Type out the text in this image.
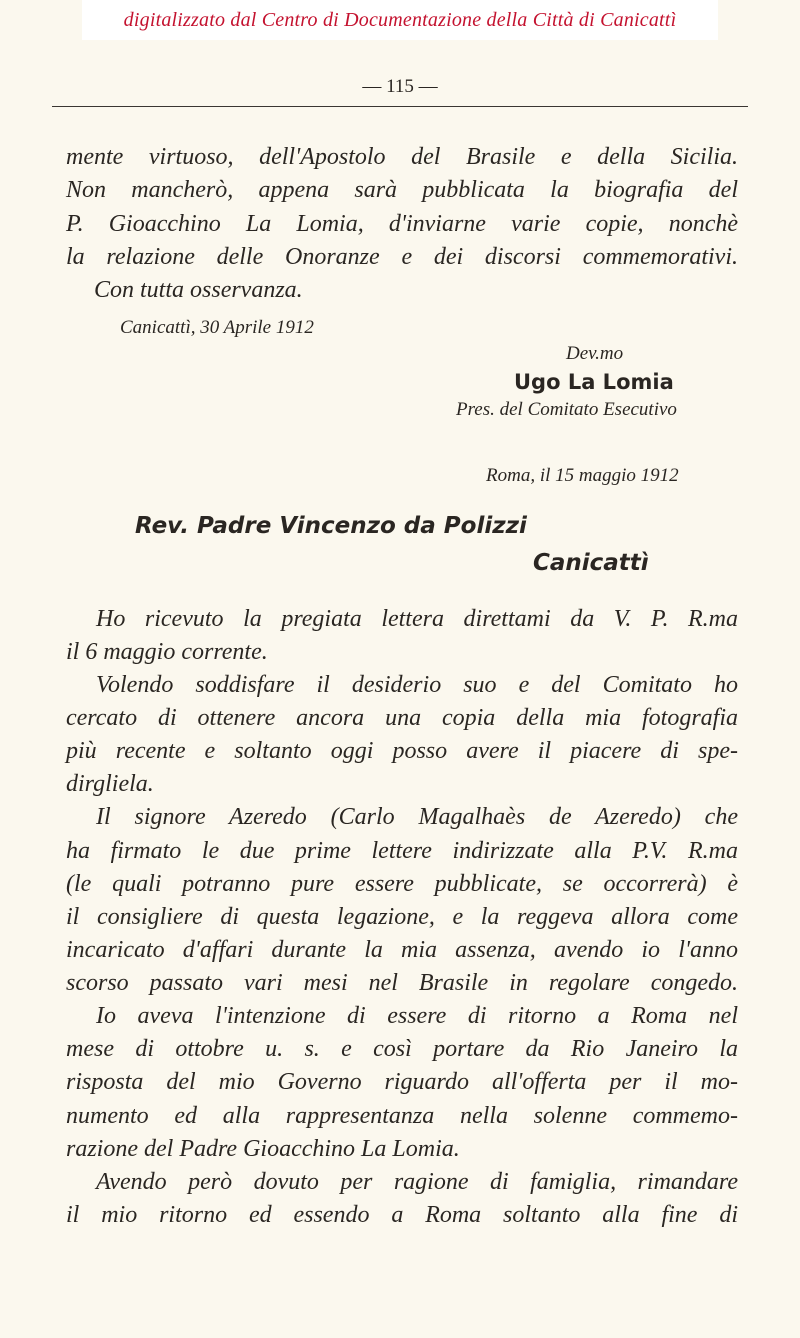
digitalizzato dal Centro di Documentazione della Città di Canicattì
— 115 —
mente virtuoso, dell'Apostolo del Brasile e della Sicilia.
Non mancherò, appena sarà pubblicata la biografia del
P. Gioacchino La Lomia, d'inviarne varie copie, nonchè
la relazione delle Onoranze e dei discorsi commemorativi.
Con tutta osservanza.
Canicattì, 30 Aprile 1912
Dev.mo
Ugo La Lomia
Pres. del Comitato Esecutivo
Roma, il 15 maggio 1912
Rev. Padre Vincenzo da Polizzi
Canicattì
Ho ricevuto la pregiata lettera direttami da V. P. R.ma
il 6 maggio corrente.
Volendo soddisfare il desiderio suo e del Comitato ho
cercato di ottenere ancora una copia della mia fotografia
più recente e soltanto oggi posso avere il piacere di spe-
dirgliela.
Il signore Azeredo (Carlo Magalhaès de Azeredo) che
ha firmato le due prime lettere indirizzate alla P.V. R.ma
(le quali potranno pure essere pubblicate, se occorrerà) è
il consigliere di questa legazione, e la reggeva allora come
incaricato d'affari durante la mia assenza, avendo io l'anno
scorso passato vari mesi nel Brasile in regolare congedo.
Io aveva l'intenzione di essere di ritorno a Roma nel
mese di ottobre u. s. e così portare da Rio Janeiro la
risposta del mio Governo riguardo all'offerta per il mo-
numento ed alla rappresentanza nella solenne commemo-
razione del Padre Gioacchino La Lomia.
Avendo però dovuto per ragione di famiglia, rimandare
il mio ritorno ed essendo a Roma soltanto alla fine di
